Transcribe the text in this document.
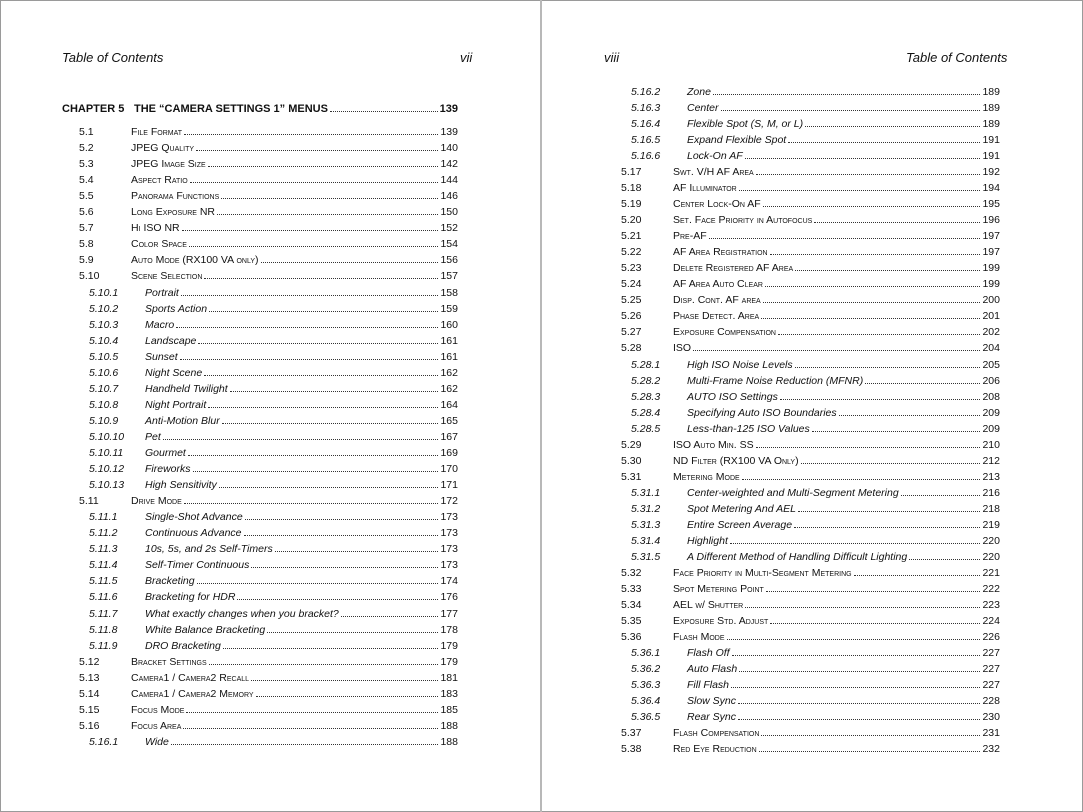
Table of Contents	vii
CHAPTER 5 THE “CAMERA SETTINGS 1” MENUS	139
5.1	File Format	139
5.2	JPEG Quality	140
5.3	JPEG Image Size	142
5.4	Aspect Ratio	144
5.5	Panorama Functions	146
5.6	Long Exposure NR	150
5.7	Hi ISO NR	152
5.8	Color Space	154
5.9	Auto Mode (RX100 VA only)	156
5.10	Scene Selection	157
5.10.1	Portrait	158
5.10.2	Sports Action	159
5.10.3	Macro	160
5.10.4	Landscape	161
5.10.5	Sunset	161
5.10.6	Night Scene	162
5.10.7	Handheld Twilight	162
5.10.8	Night Portrait	164
5.10.9	Anti-Motion Blur	165
5.10.10 Pet	167
5.10.11 Gourmet	169
5.10.12 Fireworks	170
5.10.13 High Sensitivity	171
5.11	Drive Mode	172
5.11.1	Single-Shot Advance	173
5.11.2	Continuous Advance	173
5.11.3	10s, 5s, and 2s Self-Timers	173
5.11.4	Self-Timer Continuous	173
5.11.5	Bracketing	174
5.11.6	Bracketing for HDR	176
5.11.7	What exactly changes when you bracket?	177
5.11.8	White Balance Bracketing	178
5.11.9	DRO Bracketing	179
5.12	Bracket Settings	179
5.13	Camera1 / Camera2 Recall	181
5.14	Camera1 / Camera2 Memory	183
5.15	Focus Mode	185
5.16	Focus Area	188
5.16.1	Wide	188
viii	Table of Contents
5.16.2	Zone	189
5.16.3	Center	189
5.16.4	Flexible Spot (S, M, or L)	189
5.16.5	Expand Flexible Spot	191
5.16.6	Lock-On AF	191
5.17	Swt. V/H AF Area	192
5.18	AF Illuminator	194
5.19	Center Lock-On AF	195
5.20	Set. Face Priority in Autofocus	196
5.21	Pre-AF	197
5.22	AF Area Registration	197
5.23	Delete Registered AF Area	199
5.24	AF Area Auto Clear	199
5.25	Disp. Cont. AF area	200
5.26	Phase Detect. Area	201
5.27	Exposure Compensation	202
5.28	ISO	204
5.28.1	High ISO Noise Levels	205
5.28.2	Multi-Frame Noise Reduction (MFNR)	206
5.28.3	AUTO ISO Settings	208
5.28.4	Specifying Auto ISO Boundaries	209
5.28.5	Less-than-125 ISO Values	209
5.29	ISO Auto Min. SS	210
5.30	ND Filter (RX100 VA Only)	212
5.31	Metering Mode	213
5.31.1	Center-weighted and Multi-Segment Metering	216
5.31.2	Spot Metering And AEL	218
5.31.3	Entire Screen Average	219
5.31.4	Highlight	220
5.31.5	A Different Method of Handling Difficult Lighting	220
5.32	Face Priority in Multi-Segment Metering	221
5.33	Spot Metering Point	222
5.34	AEL w/ Shutter	223
5.35	Exposure Std. Adjust	224
5.36	Flash Mode	226
5.36.1	Flash Off	227
5.36.2	Auto Flash	227
5.36.3	Fill Flash	227
5.36.4	Slow Sync	228
5.36.5	Rear Sync	230
5.37	Flash Compensation	231
5.38	Red Eye Reduction	232
